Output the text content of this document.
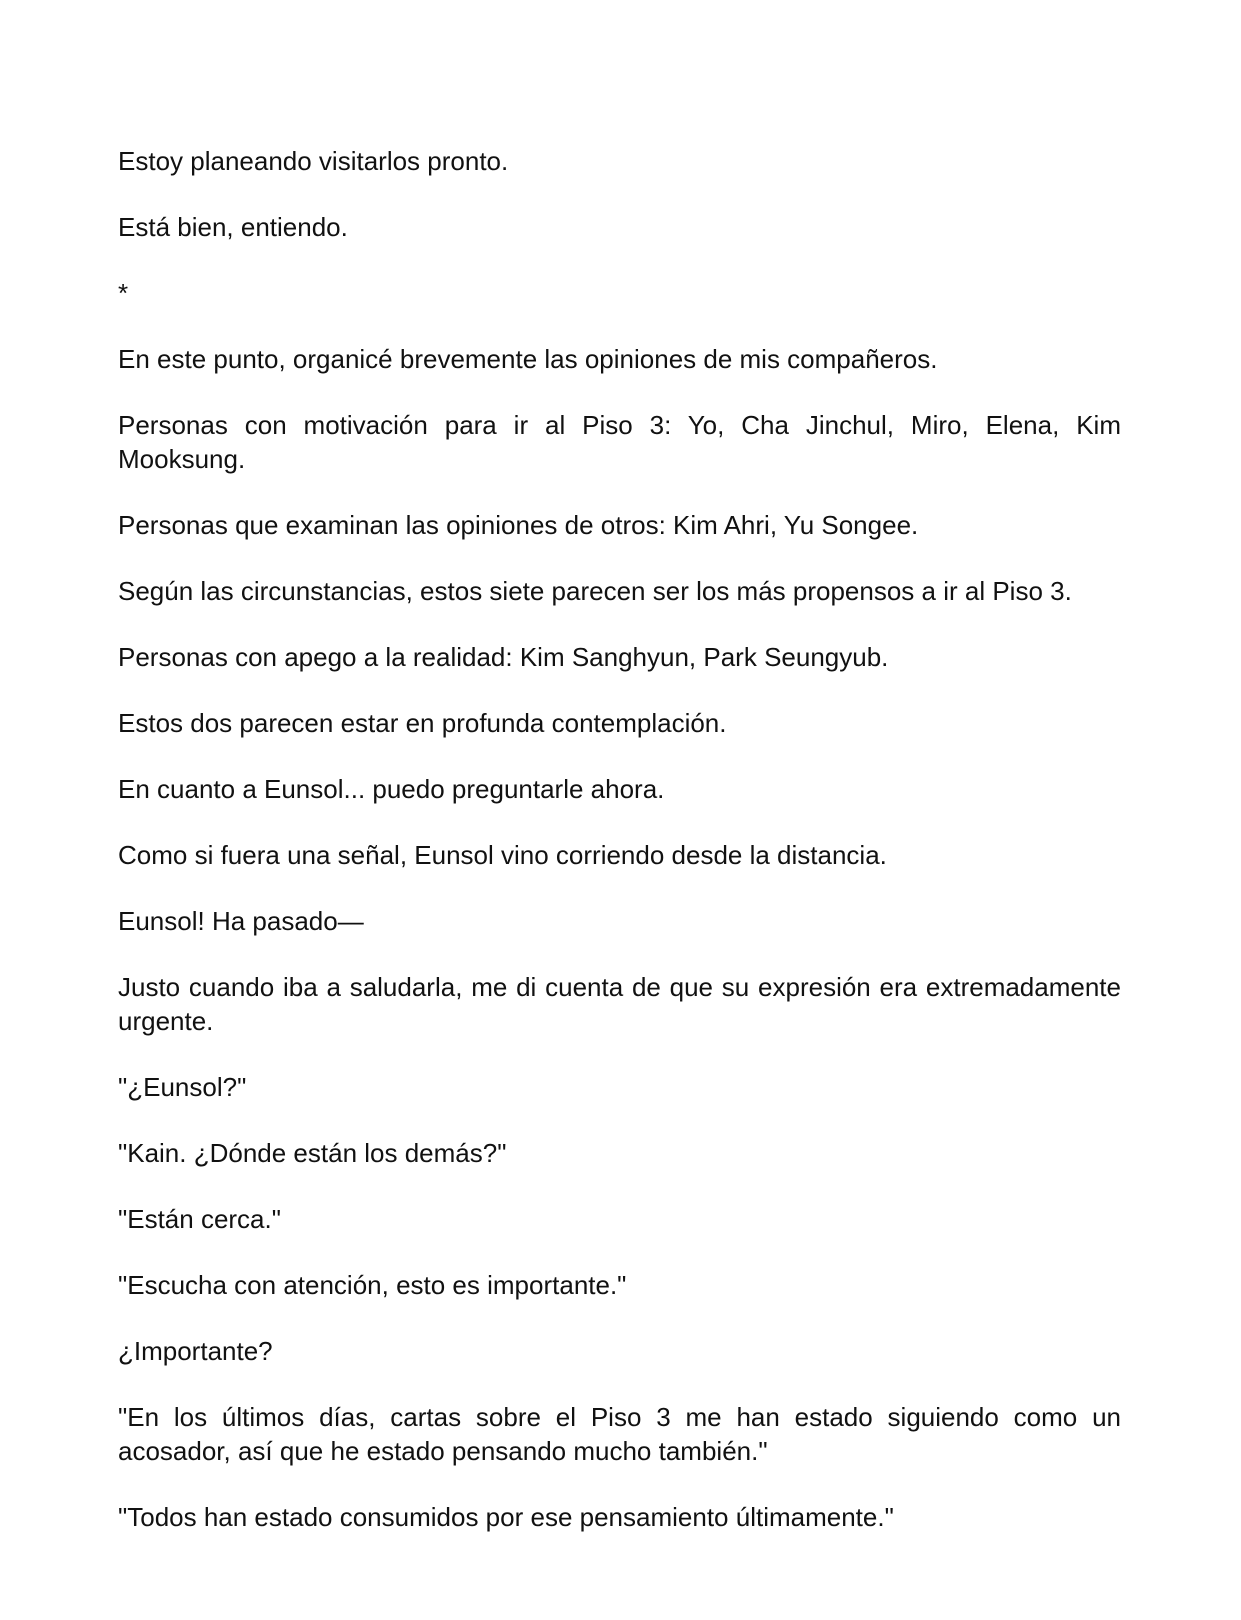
Estoy planeando visitarlos pronto.

Está bien, entiendo.

*

En este punto, organicé brevemente las opiniones de mis compañeros.

Personas con motivación para ir al Piso 3: Yo, Cha Jinchul, Miro, Elena, Kim Mooksung.

Personas que examinan las opiniones de otros: Kim Ahri, Yu Songee.

Según las circunstancias, estos siete parecen ser los más propensos a ir al Piso 3.

Personas con apego a la realidad: Kim Sanghyun, Park Seungyub.

Estos dos parecen estar en profunda contemplación.

En cuanto a Eunsol... puedo preguntarle ahora.

Como si fuera una señal, Eunsol vino corriendo desde la distancia.

Eunsol! Ha pasado—

Justo cuando iba a saludarla, me di cuenta de que su expresión era extremadamente urgente.

"¿Eunsol?"

"Kain. ¿Dónde están los demás?"

"Están cerca."

"Escucha con atención, esto es importante."

¿Importante?

"En los últimos días, cartas sobre el Piso 3 me han estado siguiendo como un acosador, así que he estado pensando mucho también."

"Todos han estado consumidos por ese pensamiento últimamente."
